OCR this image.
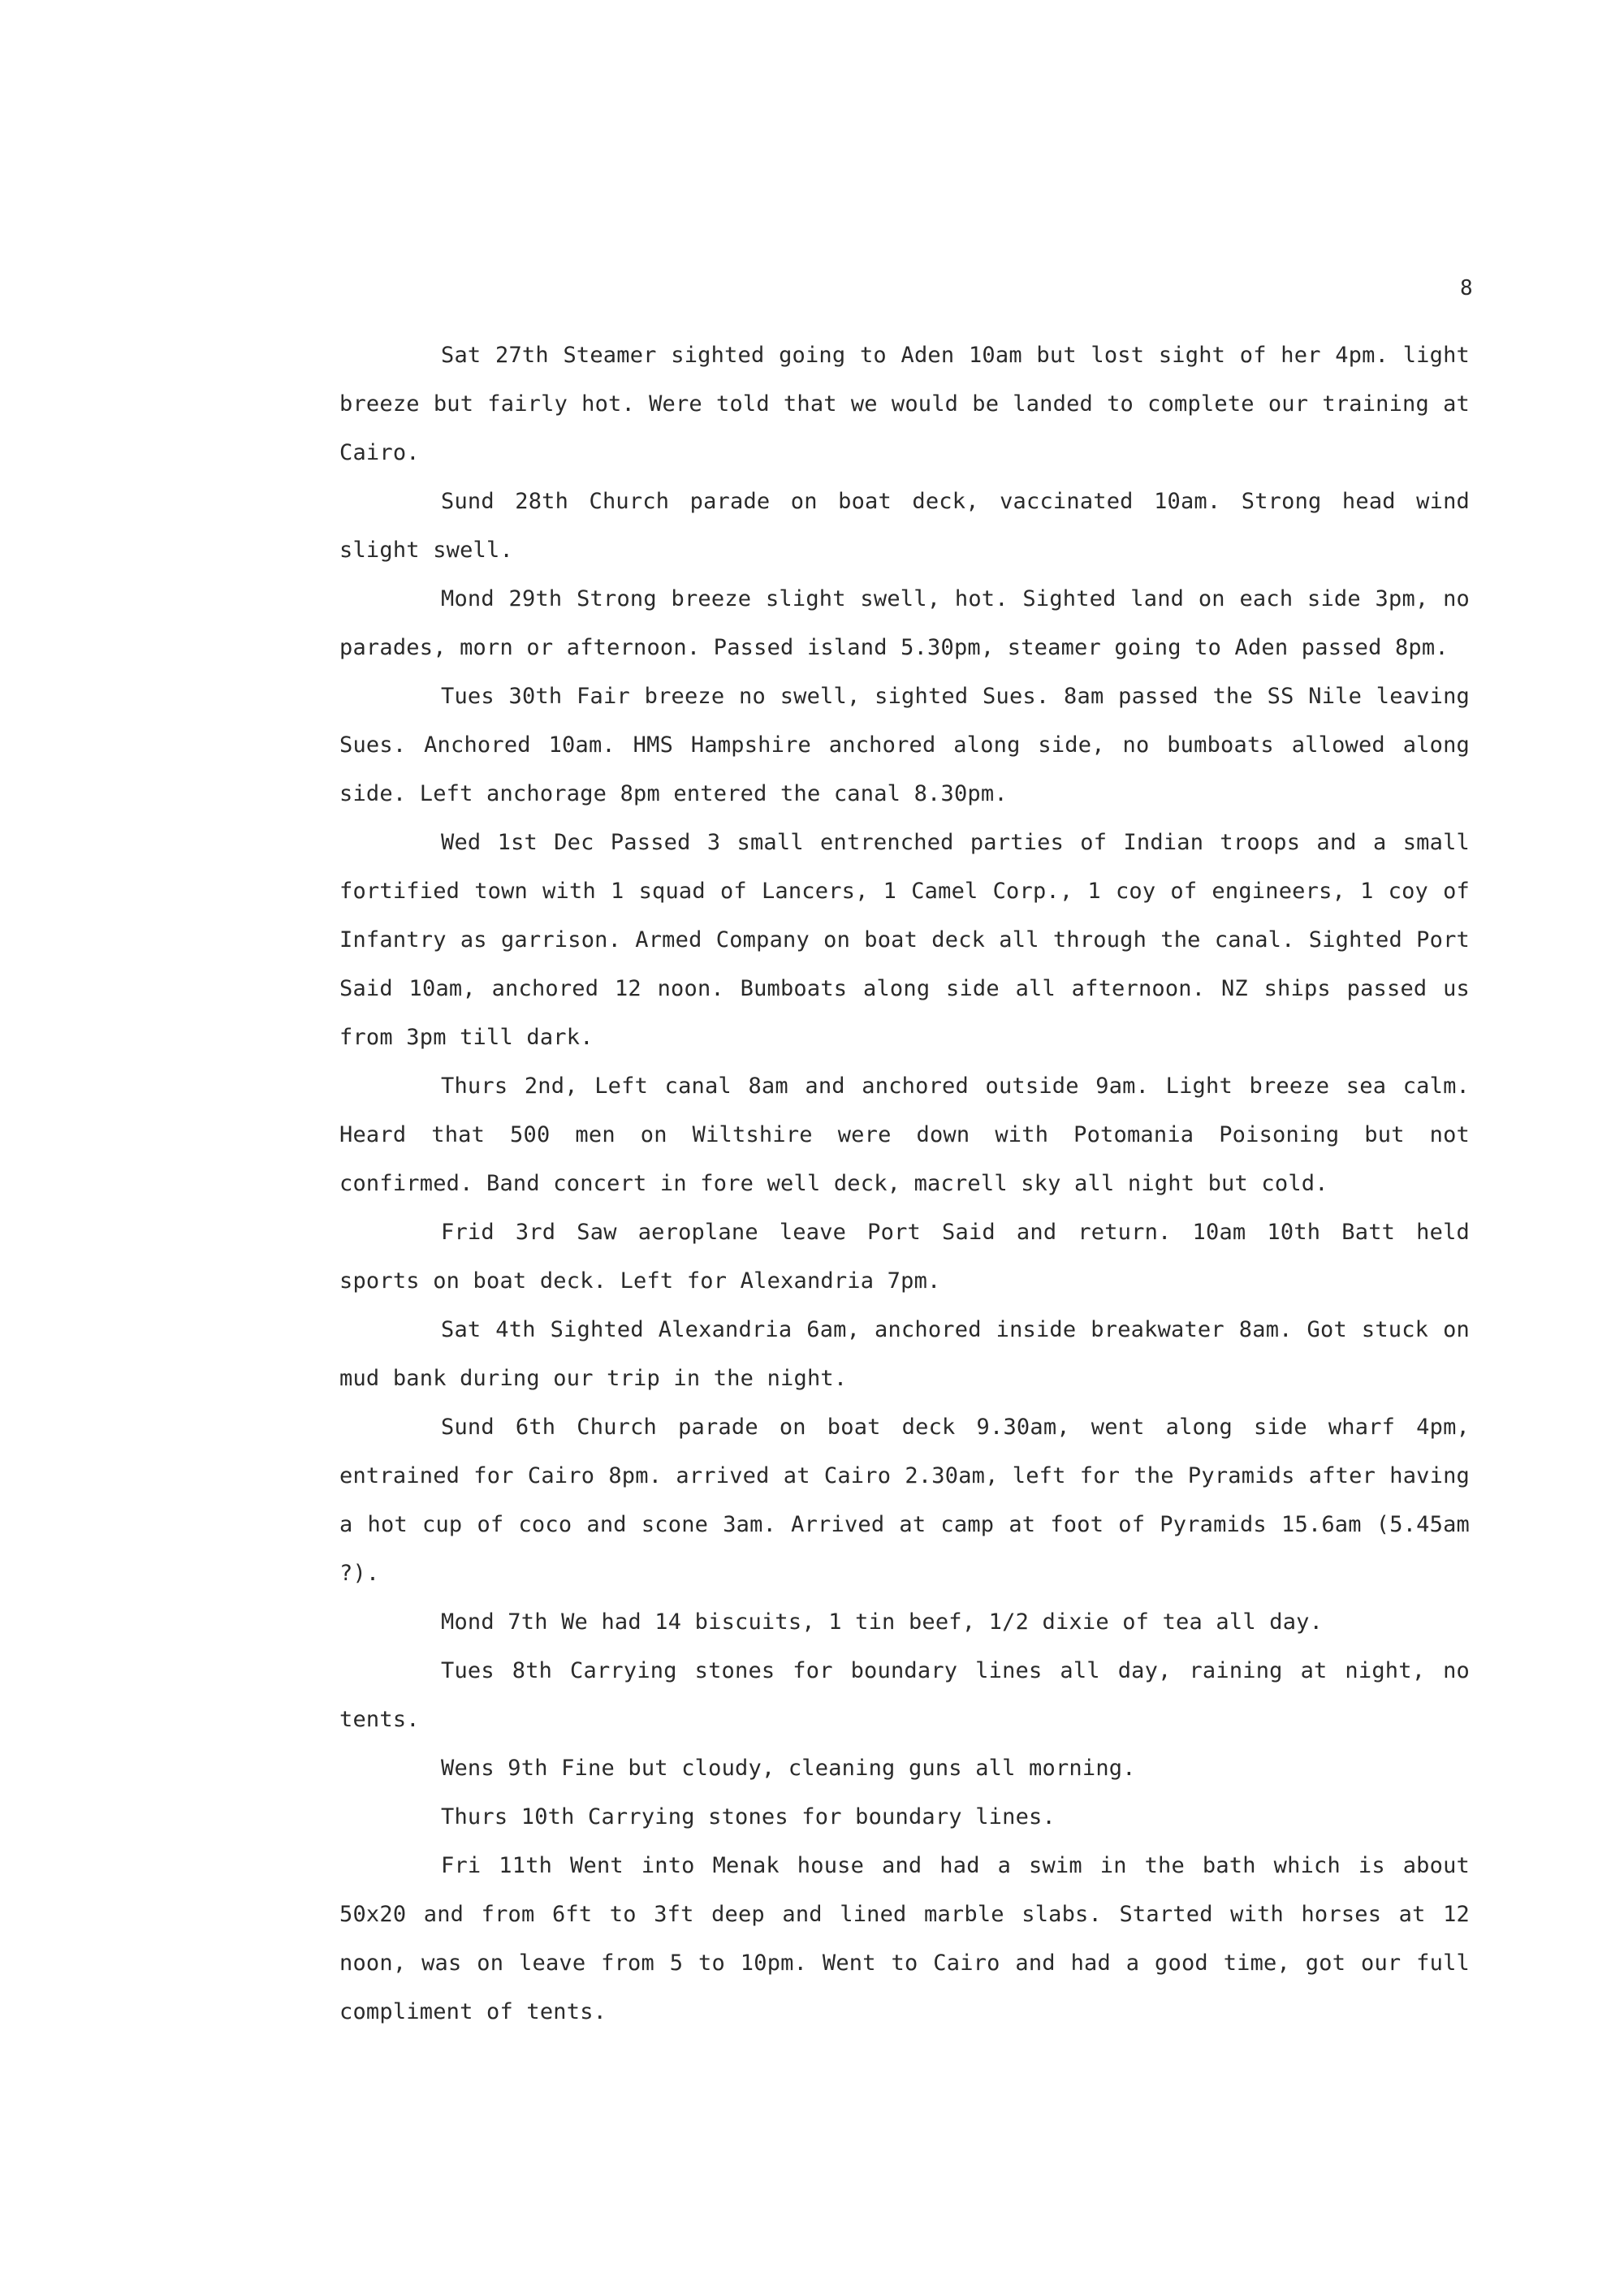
8

Sat 27th Steamer sighted going to Aden 10am but lost sight of her 4pm. light breeze but fairly hot. Were told that we would be landed to complete our training at Cairo.

Sund 28th Church parade on boat deck, vaccinated 10am. Strong head wind slight swell.

Mond 29th Strong breeze slight swell, hot. Sighted land on each side 3pm, no parades, morn or afternoon. Passed island 5.30pm, steamer going to Aden passed 8pm.

Tues 30th Fair breeze no swell, sighted Sues. 8am passed the SS Nile leaving Sues. Anchored 10am. HMS Hampshire anchored along side, no bumboats allowed along side. Left anchorage 8pm entered the canal 8.30pm.

Wed 1st Dec Passed 3 small entrenched parties of Indian troops and a small fortified town with 1 squad of Lancers, 1 Camel Corp., 1 coy of engineers, 1 coy of Infantry as garrison. Armed Company on boat deck all through the canal. Sighted Port Said 10am, anchored 12 noon. Bumboats along side all afternoon. NZ ships passed us from 3pm till dark.

Thurs 2nd, Left canal 8am and anchored outside 9am. Light breeze sea calm. Heard that 500 men on Wiltshire were down with Potomania Poisoning but not confirmed. Band concert in fore well deck, macrell sky all night but cold.

Frid 3rd Saw aeroplane leave Port Said and return. 10am 10th Batt held sports on boat deck. Left for Alexandria 7pm.

Sat 4th Sighted Alexandria 6am, anchored inside breakwater 8am. Got stuck on mud bank during our trip in the night.

Sund 6th Church parade on boat deck 9.30am, went along side wharf 4pm, entrained for Cairo 8pm. arrived at Cairo 2.30am, left for the Pyramids after having a hot cup of coco and scone 3am. Arrived at camp at foot of Pyramids 15.6am (5.45am ?).

Mond 7th We had 14 biscuits, 1 tin beef, 1/2 dixie of tea all day.

Tues 8th Carrying stones for boundary lines all day, raining at night, no tents.

Wens 9th Fine but cloudy, cleaning guns all morning.

Thurs 10th Carrying stones for boundary lines.

Fri 11th Went into Menak house and had a swim in the bath which is about 50x20 and from 6ft to 3ft deep and lined marble slabs. Started with horses at 12 noon, was on leave from 5 to 10pm. Went to Cairo and had a good time, got our full compliment of tents.
